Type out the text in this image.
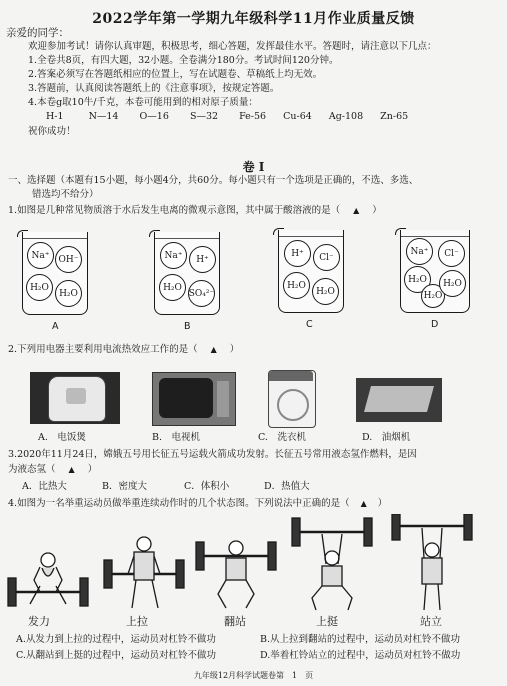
2022学年第一学期九年级科学11月作业质量反馈
亲爱的同学：
欢迎参加考试！请你认真审题，积极思考，细心答题，发挥最佳水平。答题时，请注意以下几点：
1.全卷共8页，有四大题，32小题。全卷满分180分。考试时间120分钟。
2.答案必须写在答题纸相应的位置上，写在试题卷、草稿纸上均无效。
3.答题前，认真阅读答题纸上的《注意事项》，按规定答题。
4.本卷g取10牛/千克，本卷可能用到的相对原子质量：
H-1	N—14 O—16 S—32 Fe-56 Cu-64 Ag-108 Zn-65
祝你成功！
卷 Ⅰ
一、选择题（本题有15小题，每小题4分，共60分。每小题只有一个选项是正确的，不选、多选、
错选均不给分）
1.如图是几种常见物质溶于水后发生电离的微观示意图，其中属于酸溶液的是（ ▲ ）
Na⁺	OH⁻
H₂O
H₂O
A
Na⁺	H⁺
H₂O
SO₄²⁻
B
H⁺	Cl⁻
H₂O
H₂O
C
Na⁺	Cl⁻
H₂O
H₂O
H₂O
D
2.下列用电器主要利用电流热效应工作的是（ ▲ ）
A.　电饭煲	B.　电视机	C.　洗衣机	D.　油烟机
3.2020年11月24日，嫦娥五号用长征五号运载火箭成功发射。长征五号常用液态氢作燃料，是因
为液态氢（ ▲ ）
A．比热大	B．密度大	C．体积小	D．热值大
4.如图为一名举重运动员做举重连续动作时的几个状态图。下列说法中正确的是（ ▲ ）
发力	上拉	翻站	上挺	站立
A.从发力到上拉的过程中，运动员对杠铃不做功	B.从上拉到翻站的过程中，运动员对杠铃不做功
C.从翻站到上挺的过程中，运动员对杠铃不做功	D.举着杠铃站立的过程中，运动员对杠铃不做功
九年级12月科学试题卷第　1　页
